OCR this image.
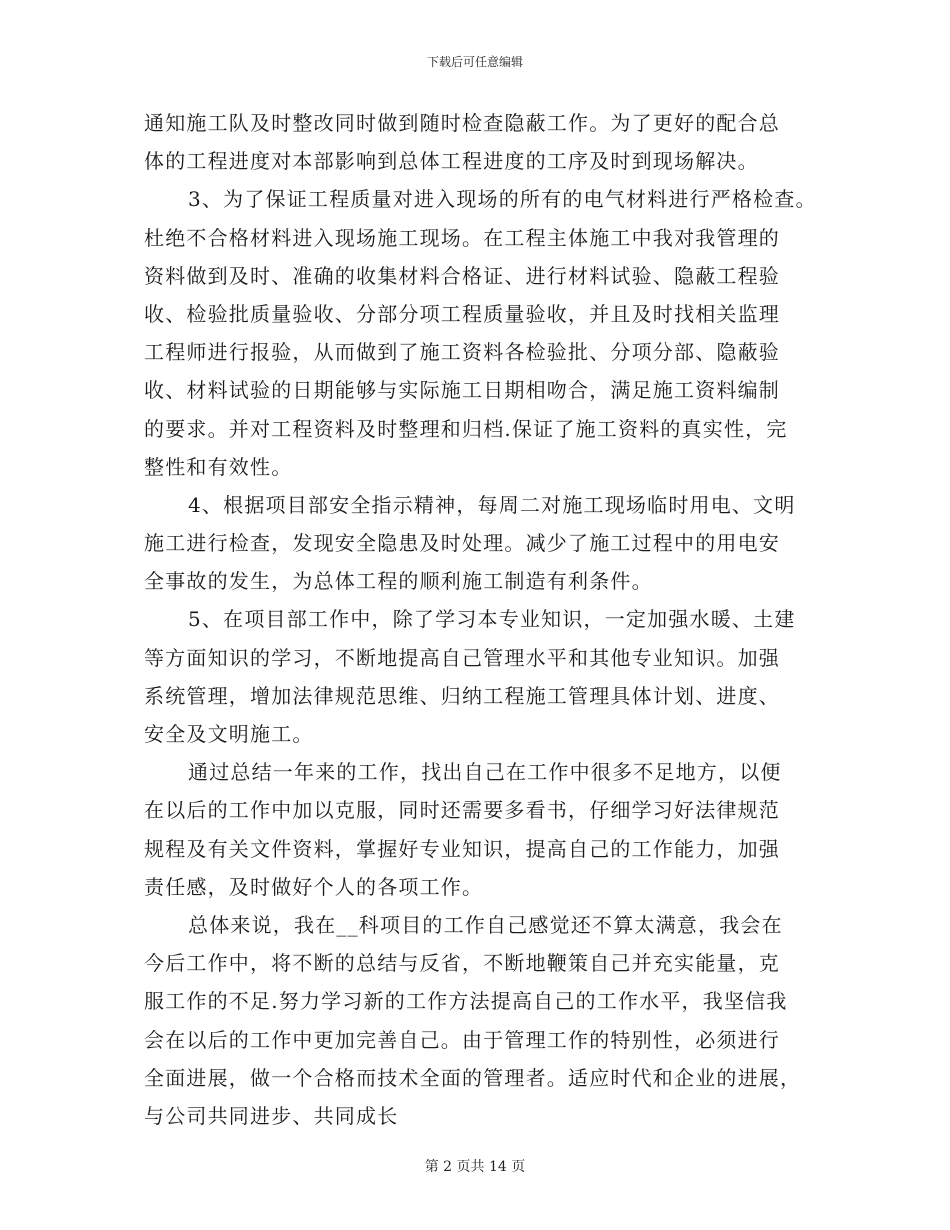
下载后可任意编辑
通知施工队及时整改同时做到随时检查隐蔽工作。为了更好的配合总
体的工程进度对本部影响到总体工程进度的工序及时到现场解决。
3、为了保证工程质量对进入现场的所有的电气材料进行严格检查。
杜绝不合格材料进入现场施工现场。在工程主体施工中我对我管理的
资料做到及时、准确的收集材料合格证、进行材料试验、隐蔽工程验
收、检验批质量验收、分部分项工程质量验收，并且及时找相关监理
工程师进行报验，从而做到了施工资料各检验批、分项分部、隐蔽验
收、材料试验的日期能够与实际施工日期相吻合，满足施工资料编制
的要求。并对工程资料及时整理和归档.保证了施工资料的真实性，完
整性和有效性。
4、根据项目部安全指示精神，每周二对施工现场临时用电、文明
施工进行检查，发现安全隐患及时处理。减少了施工过程中的用电安
全事故的发生，为总体工程的顺利施工制造有利条件。
5、在项目部工作中，除了学习本专业知识，一定加强水暖、土建
等方面知识的学习，不断地提高自己管理水平和其他专业知识。加强
系统管理，增加法律规范思维、归纳工程施工管理具体计划、进度、
安全及文明施工。
通过总结一年来的工作，找出自己在工作中很多不足地方，以便
在以后的工作中加以克服，同时还需要多看书，仔细学习好法律规范
规程及有关文件资料，掌握好专业知识，提高自己的工作能力，加强
责任感，及时做好个人的各项工作。
总体来说，我在__科项目的工作自己感觉还不算太满意，我会在
今后工作中，将不断的总结与反省，不断地鞭策自己并充实能量，克
服工作的不足.努力学习新的工作方法提高自己的工作水平，我坚信我
会在以后的工作中更加完善自己。由于管理工作的特别性，必须进行
全面进展，做一个合格而技术全面的管理者。适应时代和企业的进展，
与公司共同进步、共同成长
第 2 页共 14 页
